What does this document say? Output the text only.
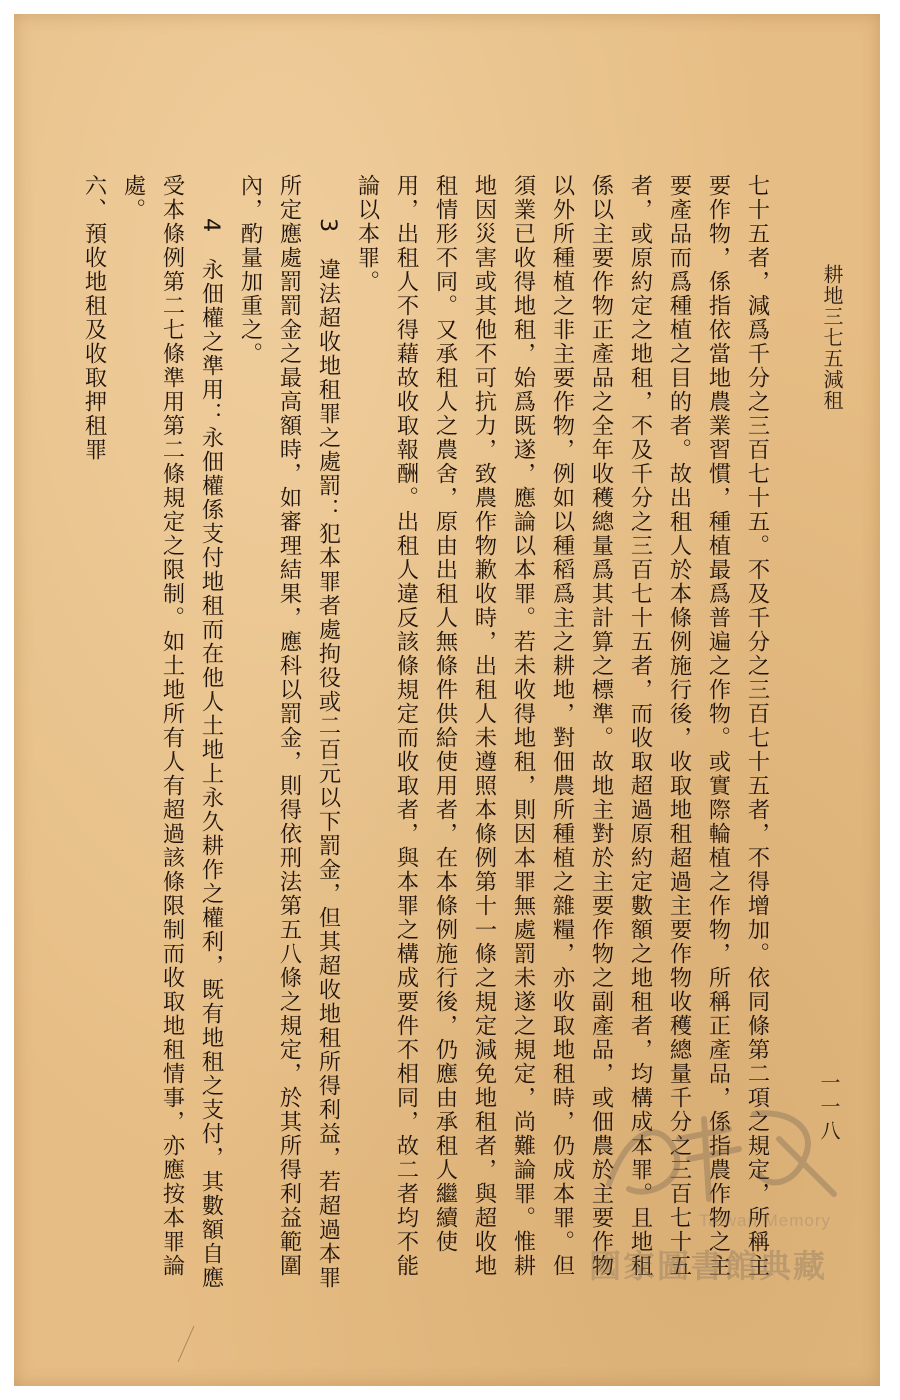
耕地三七五減租
一一八

七十五者，減爲千分之三百七十五。不及千分之三百七十五者，不得增加。依同條第二項之規定，所稱主要作物，係指依當地農業習慣，種植最爲普遍之作物。或實際輪植之作物，所稱正產品，係指農作物之主要產品而爲種植之目的者。故出租人於本條例施行後，收取地租超過主要作物收穫總量千分之三百七十五者，或原約定之地租，不及千分之三百七十五者，而收取超過原約定數額之地租者，均構成本罪。且地租係以主要作物正產品之全年收穫總量爲其計算之標準。故地主對於主要作物之副產品，或佃農於主要作物以外所種植之非主要作物，例如以種稻爲主之耕地，對佃農所種植之雜糧，亦收取地租時，仍成本罪。但須業已收得地租，始爲既遂，應論以本罪。若未收得地租，則因本罪無處罰未遂之規定，尚難論罪。惟耕地因災害或其他不可抗力，致農作物歉收時，出租人未遵照本條例第十一條之規定減免地租者，與超收地租情形不同。又承租人之農舍，原由出租人無條件供給使用者，在本條例施行後，仍應由承租人繼續使用，出租人不得藉故收取報酬。出租人違反該條規定而收取者，與本罪之構成要件不相同，故二者均不能論以本罪。

3　違法超收地租罪之處罰：犯本罪者處拘役或二百元以下罰金，但其超收地租所得利益，若超過本罪所定應處罰罰金之最高額時，如審理結果，應科以罰金，則得依刑法第五八條之規定，於其所得利益範圍內，酌量加重之。

4　永佃權之準用：永佃權係支付地租而在他人土地上永久耕作之權利，既有地租之支付，其數額自應受本條例第二七條準用第二條規定之限制。如土地所有人有超過該條限制而收取地租情事，亦應按本罪論處。

六、預收地租及收取押租罪

Taiwan Memory
國家圖書館典藏
